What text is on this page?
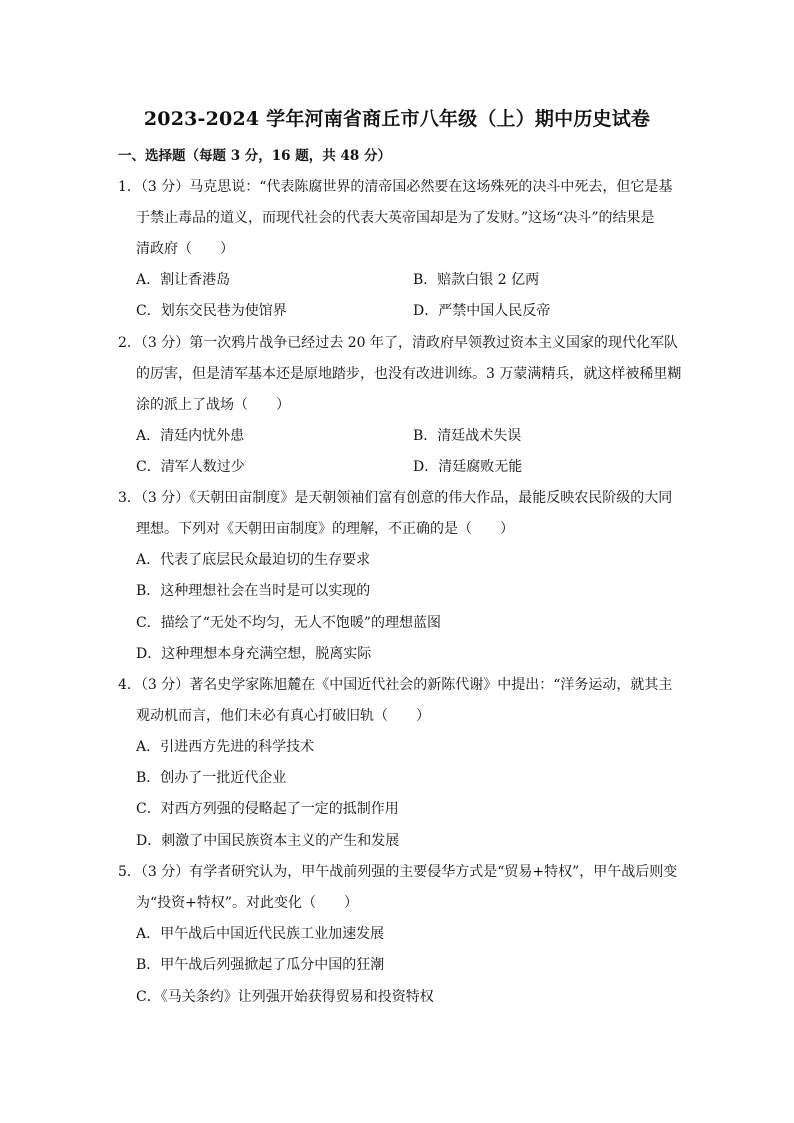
2023-2024 学年河南省商丘市八年级（上）期中历史试卷
一、选择题（每题 3 分，16 题，共 48 分）
1．（3 分）马克思说：“代表陈腐世界的清帝国必然要在这场殊死的决斗中死去，但它是基
于禁止毒品的道义，而现代社会的代表大英帝国却是为了发财。”这场“决斗”的结果是
清政府（　　）
A．割让香港岛	B．赔款白银 2 亿两
C．划东交民巷为使馆界	D．严禁中国人民反帝
2．（3 分）第一次鸦片战争已经过去 20 年了，清政府早领教过资本主义国家的现代化军队
的厉害，但是清军基本还是原地踏步，也没有改进训练。3 万蒙满精兵，就这样被稀里糊
涂的派上了战场（　　）
A．清廷内忧外患	B．清廷战术失误
C．清军人数过少	D．清廷腐败无能
3．（3 分）《天朝田亩制度》是天朝领袖们富有创意的伟大作品，最能反映农民阶级的大同
理想。下列对《天朝田亩制度》的理解，不正确的是（　　）
A．代表了底层民众最迫切的生存要求
B．这种理想社会在当时是可以实现的
C．描绘了“无处不均匀，无人不饱暖”的理想蓝图
D．这种理想本身充满空想，脱离实际
4．（3 分）著名史学家陈旭麓在《中国近代社会的新陈代谢》中提出：“洋务运动，就其主
观动机而言，他们未必有真心打破旧轨（　　）
A．引进西方先进的科学技术
B．创办了一批近代企业
C．对西方列强的侵略起了一定的抵制作用
D．刺激了中国民族资本主义的产生和发展
5．（3 分）有学者研究认为，甲午战前列强的主要侵华方式是“贸易+特权”，甲午战后则变
为“投资+特权”。对此变化（　　）
A．甲午战后中国近代民族工业加速发展
B．甲午战后列强掀起了瓜分中国的狂潮
C．《马关条约》让列强开始获得贸易和投资特权
